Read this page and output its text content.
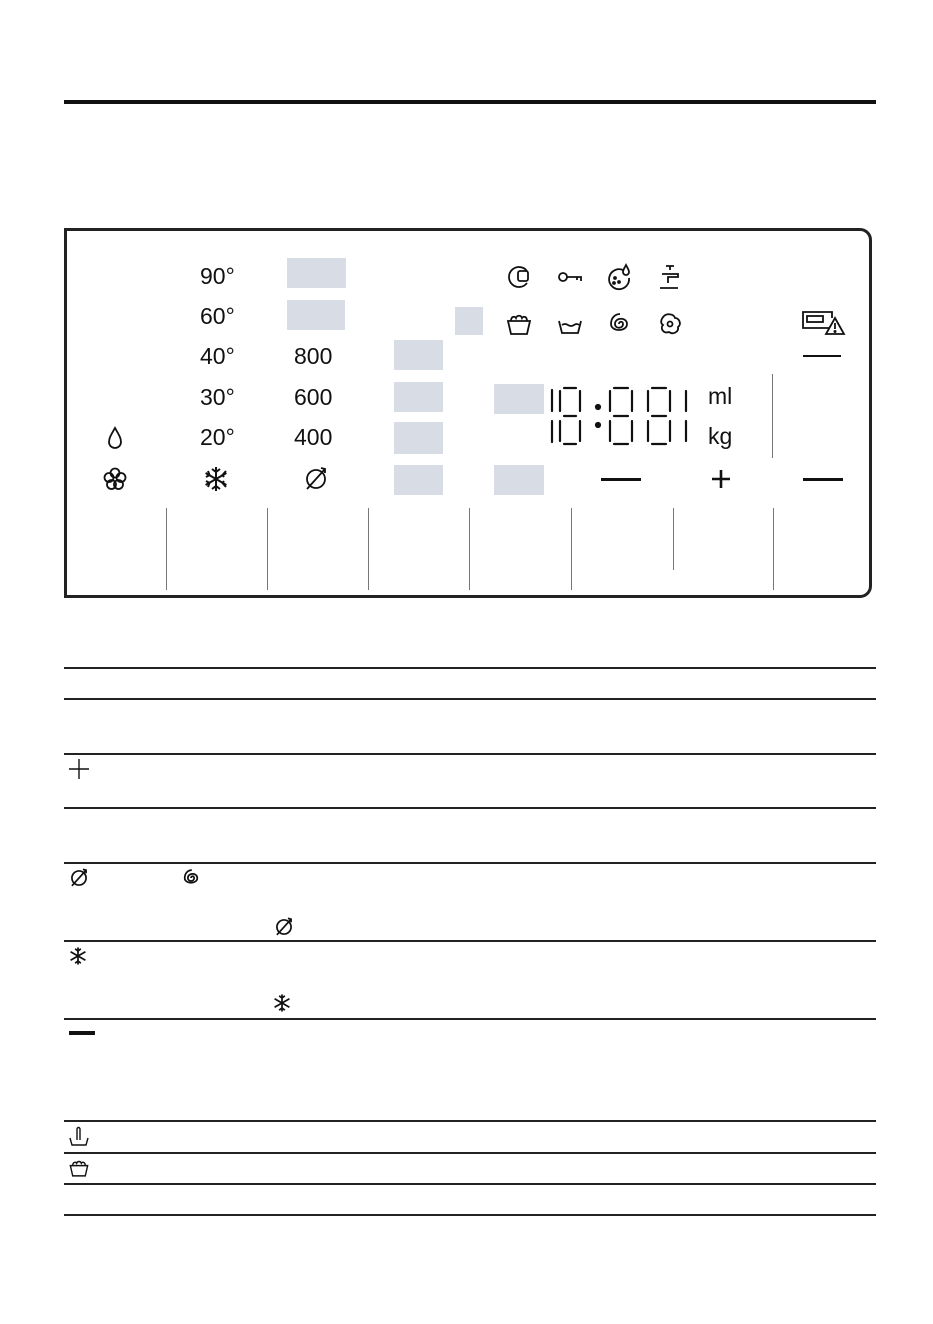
90°
60°
40°
30°
20°
800
600
400
ml
kg
